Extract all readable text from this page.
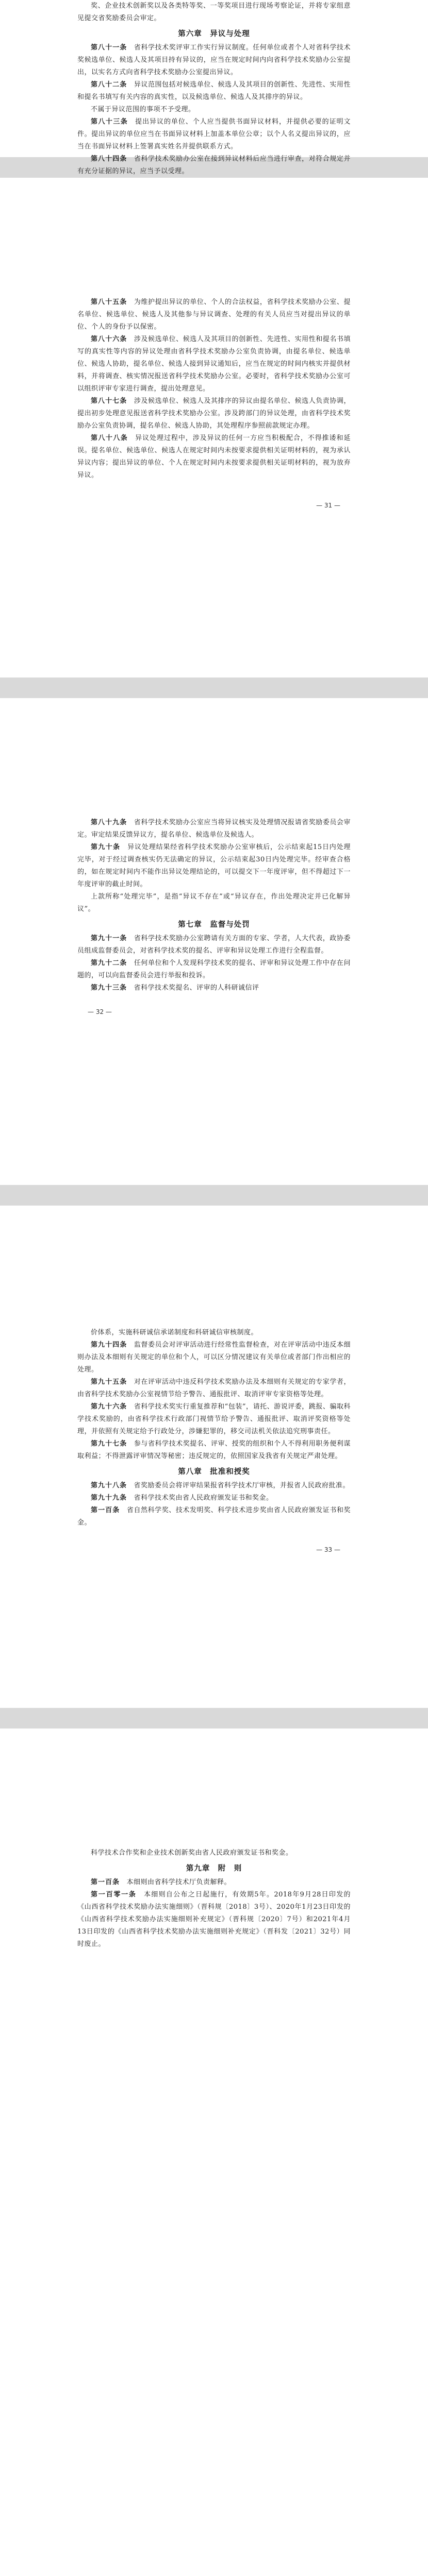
奖、企业技术创新奖以及各类特等奖、一等奖项目进行现场考察论证，并将专家组意见提交省奖励委员会审定。

第六章　异议与处理

第八十一条　 省科学技术奖评审工作实行异议制度。任何单位或者个人对省科学技术奖候选单位、候选人及其项目持有异议的，应当在规定时间内向省科学技术奖励办公室提出，以实名方式向省科学技术奖励办公室提出异议。

第八十二条　 异议范围包括对候选单位、候选人及其项目的创新性、先进性、实用性和提名书填写有关内容的真实性，以及候选单位、候选人及其排序的异议。

不属于异议范围的事项不予受理。

第八十三条　 提出异议的单位、个人应当提供书面异议材料，并提供必要的证明文件。提出异议的单位应当在书面异议材料上加盖本单位公章；以个人名义提出异议的，应当在书面异议材料上签署真实姓名并提供联系方式。

第八十四条　 省科学技术奖励办公室在接到异议材料后应当进行审查，对符合规定并有充分证据的异议，应当予以受理。

第八十五条　 为维护提出异议的单位、个人的合法权益，省科学技术奖励办公室、提名单位、候选单位、候选人及其他参与异议调查、处理的有关人员应当对提出异议的单位、个人的身份予以保密。

第八十六条　 涉及候选单位、候选人及其项目的创新性、先进性、实用性和提名书填写的真实性等内容的异议处理由省科学技术奖励办公室负责协调，由提名单位、候选单位、候选人协助，提名单位、候选人接到异议通知后，应当在规定的时间内核实并提供材料，并将调查、核实情况报送省科学技术奖励办公室。必要时，省科学技术奖励办公室可以组织评审专家进行调查，提出处理意见。

第八十七条　 涉及候选单位、候选人及其排序的异议由提名单位、候选人负责协调，提出初步处理意见报送省科学技术奖励办公室。涉及跨部门的异议处理，由省科学技术奖励办公室负责协调，提名单位、候选人协助，其处理程序参照前款规定办理。

第八十八条　 异议处理过程中，涉及异议的任何一方应当积极配合，不得推诿和延误。提名单位、候选单位、候选人在规定时间内未按要求提供相关证明材料的，视为承认异议内容；提出异议的单位、个人在规定时间内未按要求提供相关证明材料的，视为放弃异议。

— 31 —

第八十九条　 省科学技术奖励办公室应当将异议核实及处理情况报请省奖励委员会审定。审定结果反馈异议方，提名单位、候选单位及候选人。

第九十条　 异议处理结果经省科学技术奖励办公室审核后，公示结束起15日内处理完毕，对于经过调查核实仍无法确定的异议，公示结束起30日内处理完毕。经审查合格的，如在规定时间内不能作出异议处理结论的，可以提交下一年度评审，但不得超过下一年度评审的截止时间。

上款所称“处理完毕”，是指“异议不存在”或“异议存在，作出处理决定并已化解异议”。

第七章　监督与处罚

第九十一条　 省科学技术奖励办公室聘请有关方面的专家、学者，人大代表，政协委员组成监督委员会，对省科学技术奖的提名、评审和异议处理工作进行全程监督。

第九十二条　 任何单位和个人发现科学技术奖的提名、评审和异议处理工作中存在问题的，可以向监督委员会进行举报和投诉。

第九十三条　 省科学技术奖提名、评审的人科研诚信评

— 32 —

价体系，实施科研诚信承诺制度和科研诚信审核制度。

第九十四条　 监督委员会对评审活动进行经常性监督检查，对在评审活动中违反本细则办法及本细则有关规定的单位和个人，可以区分情况建议有关单位或者部门作出相应的处理。

第九十五条　 对在评审活动中违反科学技术奖励办法及本细则有关规定的专家学者，由省科学技术奖励办公室视情节给予警告、通报批评、取消评审专家资格等处理。

第九十六条　 省科学技术奖实行重复推荐和“包装”，请托、游说评委，跳报、骗取科学技术奖励的，由省科学技术行政部门视情节给予警告、通报批评、取消评奖资格等处理，并依照有关规定给予行政处分，涉嫌犯罪的，移交司法机关依法追究刑事责任。

第九十七条　 参与省科学技术奖提名、评审、授奖的组织和个人不得利用职务便利谋取利益；不得泄露评审情况等秘密；违反规定的，依照国家及我省有关规定严肃处理。

第八章　批准和授奖

第九十八条　 省奖励委员会将评审结果报省科学技术厅审核，并报省人民政府批准。

第九十九条　 省科学技术奖由省人民政府颁发证书和奖金。

第一百条　 省自然科学奖、技术发明奖、科学技术进步奖由省人民政府颁发证书和奖金。

— 33 —

科学技术合作奖和企业技术创新奖由省人民政府颁发证书和奖金。

第九章　附　则

第一百条　 本细则由省科学技术厅负责解释。

第一百零一条　 本细则自公布之日起施行，有效期5年。2018年9月28日印发的《山西省科学技术奖励办法实施细则》（晋科规〔2018〕3号）、2020年1月23日印发的《山西省科学技术奖励办法实施细则补充规定》（晋科规〔2020〕7号）和2021年4月13日印发的《山西省科学技术奖励办法实施细则补充规定》（晋科发〔2021〕32号）同时废止。
